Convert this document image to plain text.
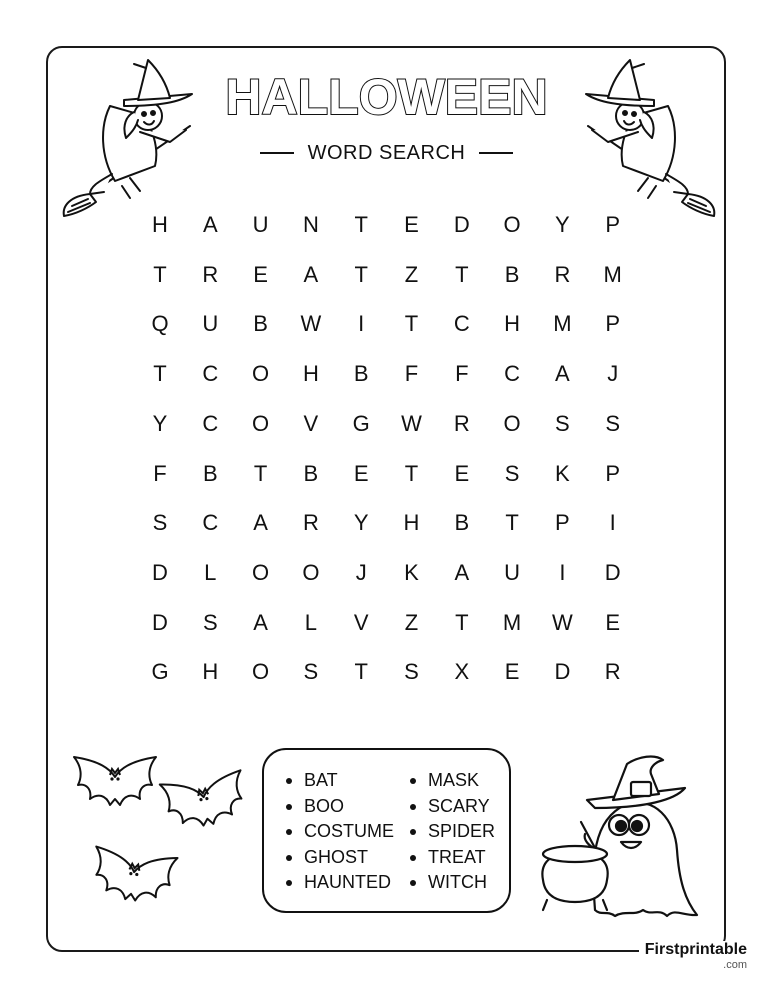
HALLOWEEN
WORD SEARCH
H	A	U	N	T	E	D	O	Y	P
T	R	E	A	T	Z	T	B	R	M
Q	U	B	W	I	T	C	H	M	P
T	C	O	H	B	F	F	C	A	J
Y	C	O	V	G	W	R	O	S	S
F	B	T	B	E	T	E	S	K	P
S	C	A	R	Y	H	B	T	P	I
D	L	O	O	J	K	A	U	I	D
D	S	A	L	V	Z	T	M	W	E
G	H	O	S	T	S	X	E	D	R
BAT
BOO
COSTUME
GHOST
HAUNTED
MASK
SCARY
SPIDER
TREAT
WITCH
Firstprintable
.com
